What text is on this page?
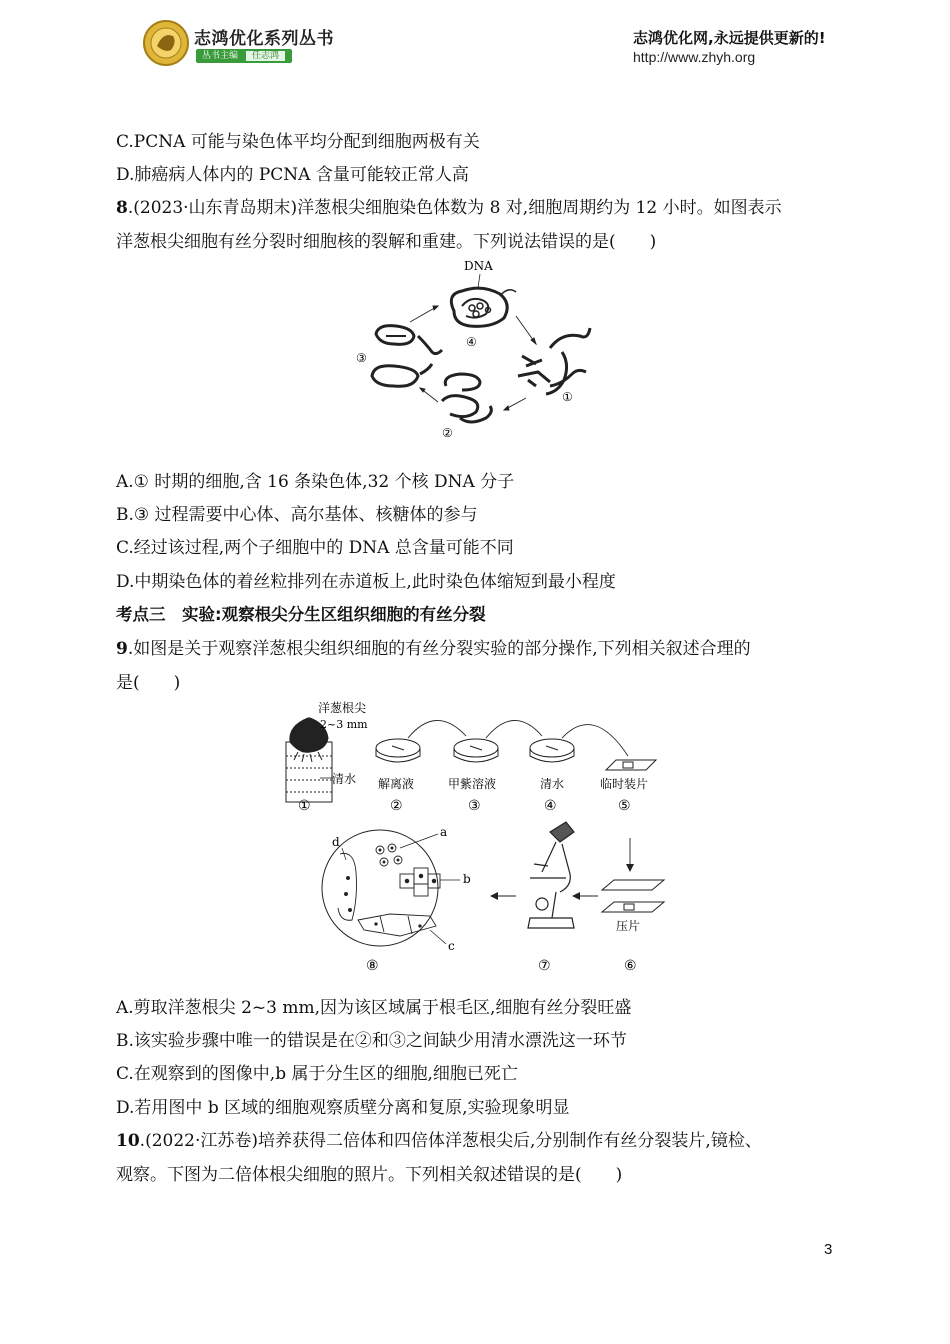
志鸿优化系列丛书
丛书主编 任志鸿
志鸿优化网,永远提供更新的!
http://www.zhyh.org
C.PCNA 可能与染色体平均分配到细胞两极有关
D.肺癌病人体内的 PCNA 含量可能较正常人高
8.(2023·山东青岛期末)洋葱根尖细胞染色体数为 8 对,细胞周期约为 12 小时。如图表示
洋葱根尖细胞有丝分裂时细胞核的裂解和重建。下列说法错误的是(　　)
DNA
④
①
②
③
A.① 时期的细胞,含 16 条染色体,32 个核 DNA 分子
B.③ 过程需要中心体、高尔基体、核糖体的参与
C.经过该过程,两个子细胞中的 DNA 总含量可能不同
D.中期染色体的着丝粒排列在赤道板上,此时染色体缩短到最小程度
考点三　实验:观察根尖分生区组织细胞的有丝分裂
9.如图是关于观察洋葱根尖组织细胞的有丝分裂实验的部分操作,下列相关叙述合理的
是(　　)
洋葱根尖
2~3 mm
清水
①
解离液
②
甲紫溶液
③
清水
④
临时装片
⑤
压片
⑥
⑦
a
b
c
d
⑧
A.剪取洋葱根尖 2~3 mm,因为该区域属于根毛区,细胞有丝分裂旺盛
B.该实验步骤中唯一的错误是在②和③之间缺少用清水漂洗这一环节
C.在观察到的图像中,b 属于分生区的细胞,细胞已死亡
D.若用图中 b 区域的细胞观察质壁分离和复原,实验现象明显
10.(2022·江苏卷)培养获得二倍体和四倍体洋葱根尖后,分别制作有丝分裂装片,镜检、
观察。下图为二倍体根尖细胞的照片。下列相关叙述错误的是(　　)
3
